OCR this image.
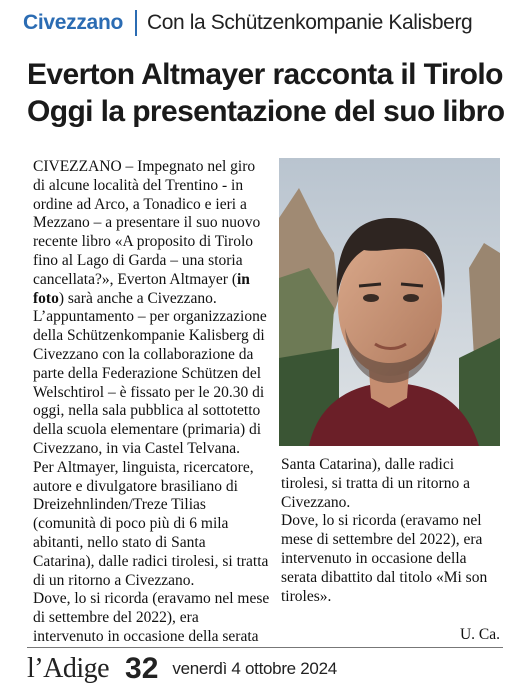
Civezzano Con la Schützenkompanie Kalisberg
Everton Altmayer racconta il Tirolo
Oggi la presentazione del suo libro

CIVEZZANO – Impegnato nel giro di alcune località del Trentino - in ordine ad Arco, a Tonadico e ieri a Mezzano – a presentare il suo nuovo recente libro «A proposito di Tirolo fino al Lago di Garda – una storia cancellata?», Everton Altmayer (in foto) sarà anche a Civezzano.

L’appuntamento – per organizzazione della Schützenkompanie Kalisberg di Civezzano con la collaborazione da parte della Federazione Schützen del Welschtirol – è fissato per le 20.30 di oggi, nella sala pubblica al sottotetto della scuola elementare (primaria) di Civezzano, in via Castel Telvana.

Per Altmayer, linguista, ricercatore, autore e divulgatore brasiliano di Dreizehnlinden/Treze Tilias (comunità di poco più di 6 mila abitanti, nello stato di Santa Catarina), dalle radici tirolesi, si tratta di un ritorno a Civezzano.

Dove, lo si ricorda (eravamo nel mese di settembre del 2022), era intervenuto in occasione della serata

Santa Catarina), dalle radici tirolesi, si tratta di un ritorno a Civezzano.

Dove, lo si ricorda (eravamo nel mese di settembre del 2022), era intervenuto in occasione della serata dibattito dal titolo «Mi son tiroles».

U. Ca.
l’Adige 32 venerdì 4 ottobre 2024
